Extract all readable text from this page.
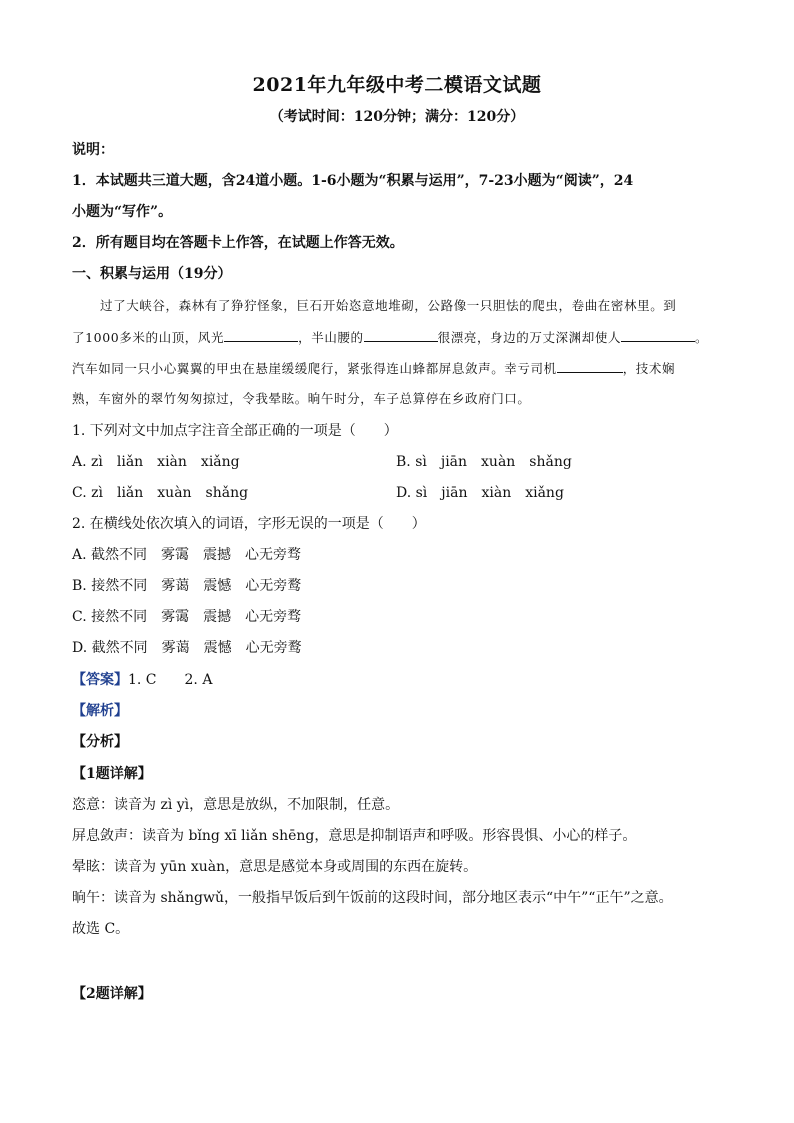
2021年九年级中考二模语文试题
（考试时间：120分钟；满分：120分）
说明：
1．本试题共三道大题，含24道小题。1-6小题为“积累与运用”，7-23小题为“阅读”，24
小题为“写作”。
2．所有题目均在答题卡上作答，在试题上作答无效。
一、积累与运用（19分）
过了大峡谷，森林有了狰狞怪象，巨石开始恣意地堆砌，公路像一只胆怯的爬虫，卷曲在密林里。到
了1000多米的山顶，风光	，半山腰的	很漂亮，身边的万丈深渊却使人	。
汽车如同一只小心翼翼的甲虫在悬崖缓缓爬行，紧张得连山蜂都屏息敛声。幸亏司机	，技术娴
熟，车窗外的翠竹匆匆掠过，令我晕眩。晌午时分，车子总算停在乡政府门口。
1. 下列对文中加点字注音全部正确的一项是（　　）
A. zì　liǎn　xiàn　xiǎng	B. sì　jiān　xuàn　shǎng
C. zì　liǎn　xuàn　shǎng	D. sì　jiān　xiàn　xiǎng
2. 在横线处依次填入的词语，字形无误的一项是（　　）
A. 截然不同　雾霭　震撼　心无旁骛
B. 接然不同　雾蔼　震憾　心无旁鹜
C. 接然不同　雾霭　震撼　心无旁骛
D. 截然不同　雾蔼　震憾　心无旁鹜
【答案】1. C　　2. A
【解析】
【分析】
【1题详解】
恣意：读音为 zì yì，意思是放纵，不加限制，任意。
屏息敛声：读音为 bǐng xī liǎn shēng，意思是抑制语声和呼吸。形容畏惧、小心的样子。
晕眩：读音为 yūn xuàn，意思是感觉本身或周围的东西在旋转。
晌午：读音为 shǎngwǔ，一般指早饭后到午饭前的这段时间，部分地区表示“中午”“正午”之意。
故选 C。
【2题详解】
